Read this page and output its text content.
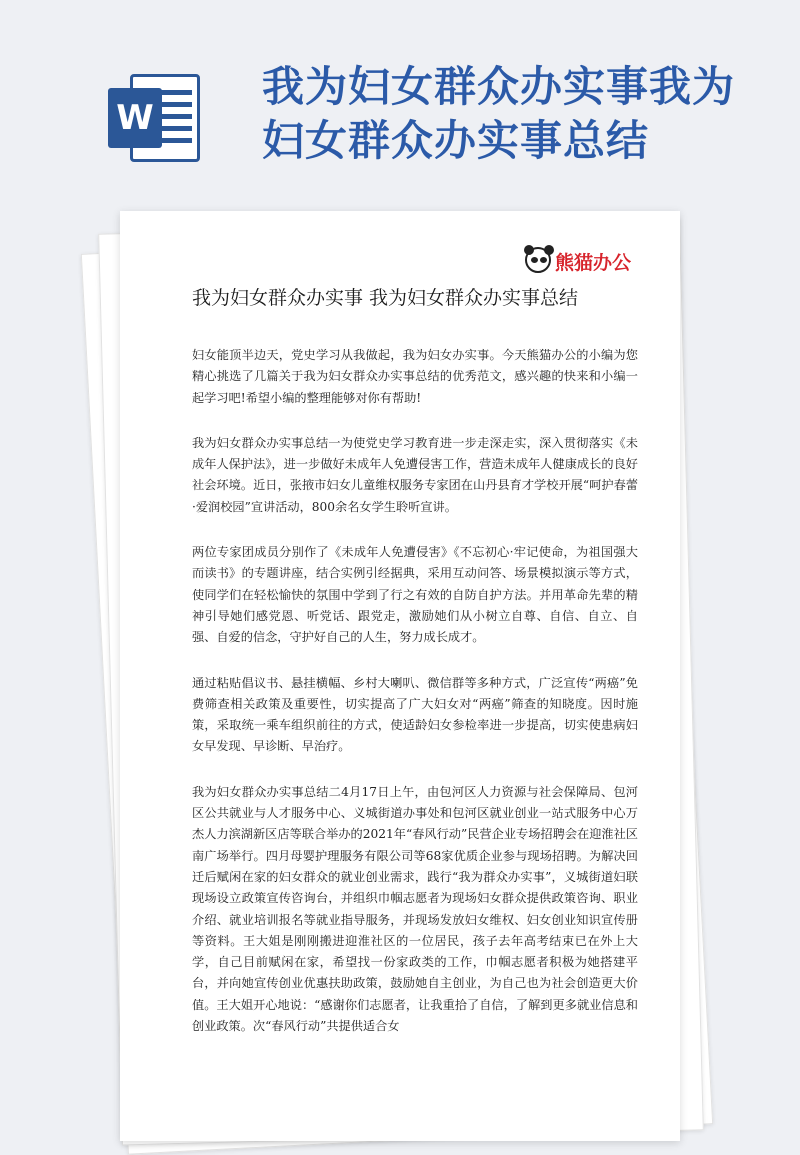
W
我为妇女群众办实事我为妇女群众办实事总结
熊猫办公
我为妇女群众办实事 我为妇女群众办实事总结

妇女能顶半边天，党史学习从我做起，我为妇女办实事。今天熊猫办公的小编为您精心挑选了几篇关于我为妇女群众办实事总结的优秀范文，感兴趣的快来和小编一起学习吧!希望小编的整理能够对你有帮助!

我为妇女群众办实事总结一为使党史学习教育进一步走深走实，深入贯彻落实《未成年人保护法》，进一步做好未成年人免遭侵害工作，营造未成年人健康成长的良好社会环境。近日，张掖市妇女儿童维权服务专家团在山丹县育才学校开展“呵护春蕾·爱润校园”宣讲活动，800余名女学生聆听宣讲。

两位专家团成员分别作了《未成年人免遭侵害》《不忘初心·牢记使命，为祖国强大而读书》的专题讲座，结合实例引经据典，采用互动问答、场景模拟演示等方式，使同学们在轻松愉快的氛围中学到了行之有效的自防自护方法。并用革命先辈的精神引导她们感党恩、听党话、跟党走，激励她们从小树立自尊、自信、自立、自强、自爱的信念，守护好自己的人生，努力成长成才。

通过粘贴倡议书、悬挂横幅、乡村大喇叭、微信群等多种方式，广泛宣传“两癌”免费筛查相关政策及重要性，切实提高了广大妇女对“两癌”筛查的知晓度。因时施策，采取统一乘车组织前往的方式，使适龄妇女参检率进一步提高，切实使患病妇女早发现、早诊断、早治疗。

我为妇女群众办实事总结二4月17日上午，由包河区人力资源与社会保障局、包河区公共就业与人才服务中心、义城街道办事处和包河区就业创业一站式服务中心万杰人力滨湖新区店等联合举办的2021年“春风行动”民营企业专场招聘会在迎淮社区南广场举行。四月母婴护理服务有限公司等68家优质企业参与现场招聘。为解决回迁后赋闲在家的妇女群众的就业创业需求，践行“我为群众办实事”，义城街道妇联现场设立政策宣传咨询台，并组织巾帼志愿者为现场妇女群众提供政策咨询、职业介绍、就业培训报名等就业指导服务，并现场发放妇女维权、妇女创业知识宣传册等资料。王大姐是刚刚搬进迎淮社区的一位居民，孩子去年高考结束已在外上大学，自己目前赋闲在家，希望找一份家政类的工作，巾帼志愿者积极为她搭建平台，并向她宣传创业优惠扶助政策，鼓励她自主创业，为自己也为社会创造更大价值。王大姐开心地说：“感谢你们志愿者，让我重拾了自信，了解到更多就业信息和创业政策。次“春风行动”共提供适合女
